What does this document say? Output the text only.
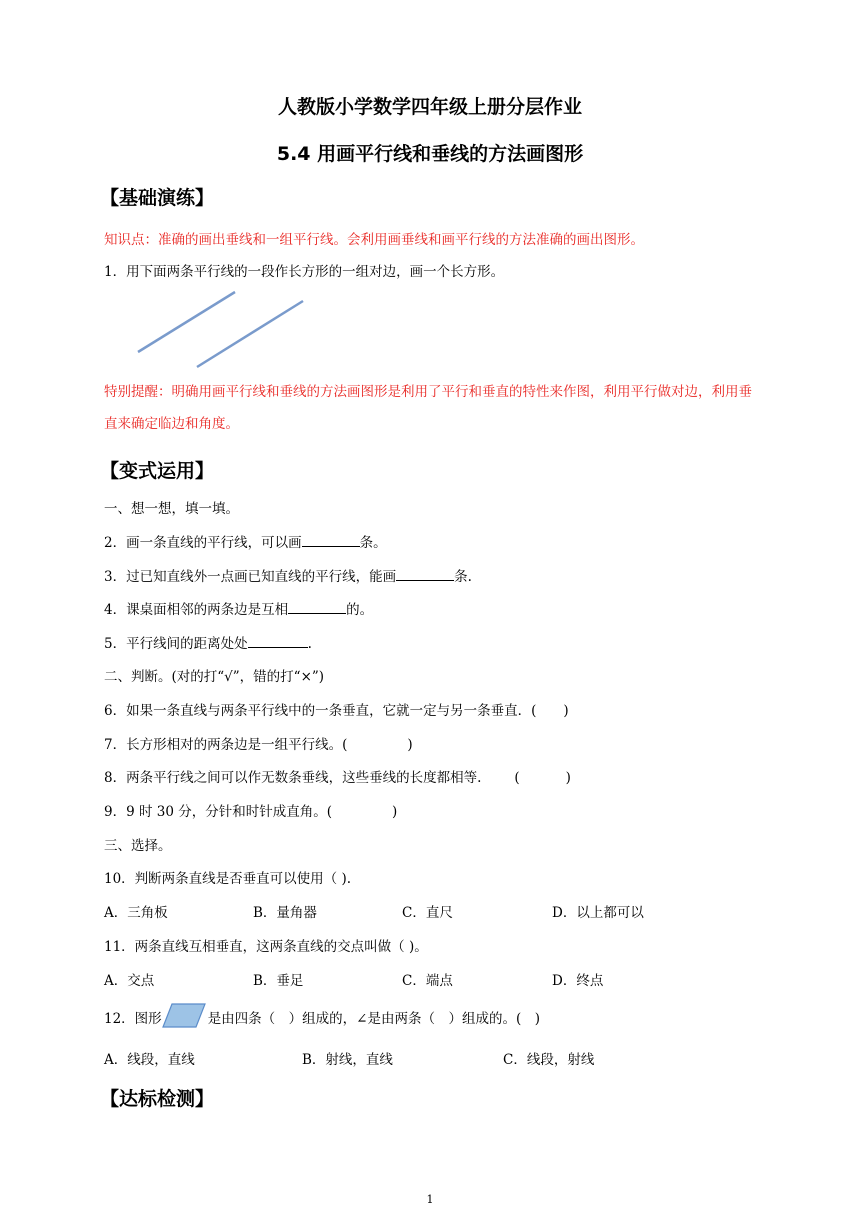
人教版小学数学四年级上册分层作业
5.4 用画平行线和垂线的方法画图形
【基础演练】
知识点：准确的画出垂线和一组平行线。会利用画垂线和画平行线的方法准确的画出图形。
1．用下面两条平行线的一段作长方形的一组对边，画一个长方形。
特别提醒：明确用画平行线和垂线的方法画图形是利用了平行和垂直的特性来作图，利用平行做对边，利用垂直来确定临边和角度。
【变式运用】
一、想一想，填一填。
2．画一条直线的平行线，可以画	条。
3．过已知直线外一点画已知直线的平行线，能画	条.
4．课桌面相邻的两条边是互相	的。
5．平行线间的距离处处	.
二、判断。(对的打“√”，错的打“×”)
6．如果一条直线与两条平行线中的一条垂直，它就一定与另一条垂直．(　　)
7．长方形相对的两条边是一组平行线。(	)
8．两条平行线之间可以作无数条垂线，这些垂线的长度都相等. (	)
9．9 时 30 分，分针和时针成直角。(	)
三、选择。
10．判断两条直线是否垂直可以使用（ ).
A．三角板	B．量角器	C．直尺	D．以上都可以
11．两条直线互相垂直，这两条直线的交点叫做（ )。
A．交点	B．垂足	C．端点	D．终点
12．图形	是由四条（　）组成的，∠是由两条（　）组成的。(　)
A．线段，直线	B．射线，直线	C．线段，射线
【达标检测】
1
